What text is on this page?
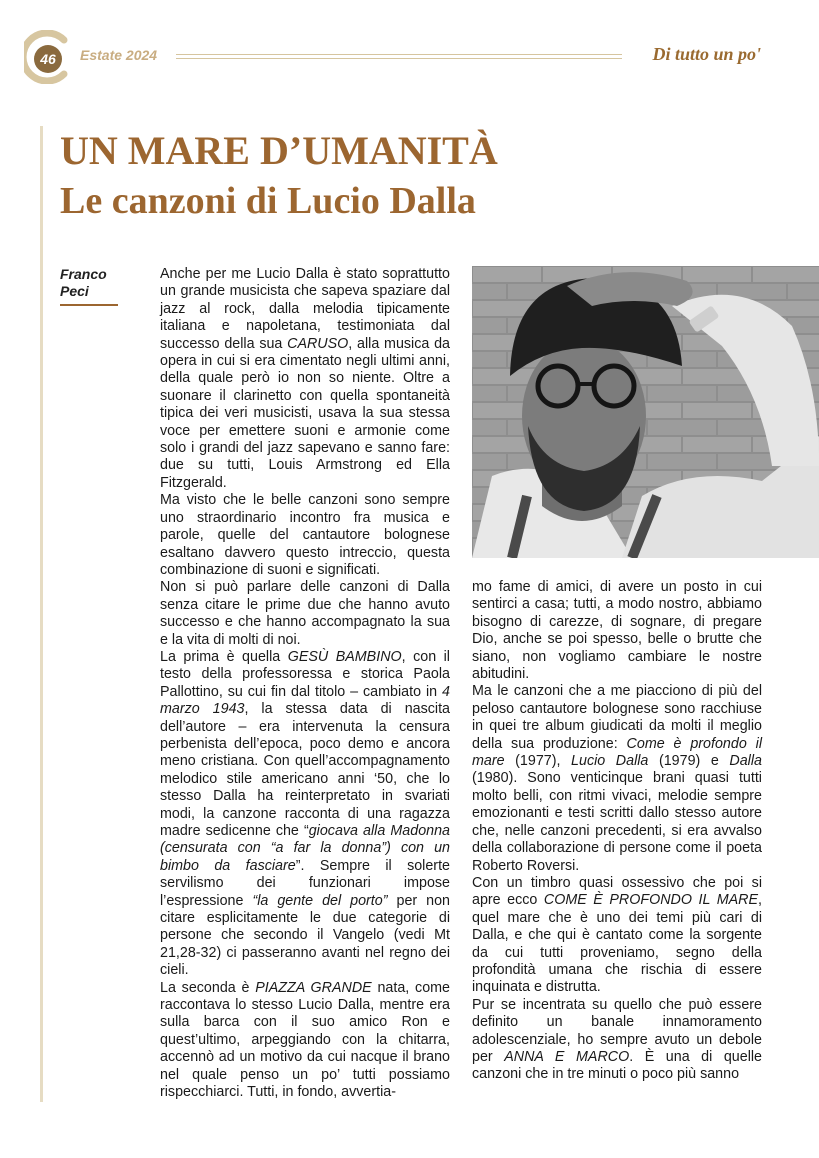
46	Estate 2024	Di tutto un po'
UN MARE D’UMANITÀ
Le canzoni di Lucio Dalla
Franco
Peci

Anche per me Lucio Dalla è stato soprattutto un grande musicista che sapeva spaziare dal jazz al rock, dalla melodia tipicamente italiana e napoletana, testimoniata dal successo della sua CARUSO, alla musica da opera in cui si era cimentato negli ultimi anni, della quale però io non so niente. Oltre a suonare il clarinetto con quella spontaneità tipica dei veri musicisti, usava la sua stessa voce per emettere suoni e armonie come solo i grandi del jazz sapevano e sanno fare: due su tutti, Louis Armstrong ed Ella Fitzgerald.

Ma visto che le belle canzoni sono sempre uno straordinario incontro fra musica e parole, quelle del cantautore bolognese esaltano davvero questo intreccio, questa combinazione di suoni e significati.

Non si può parlare delle canzoni di Dalla senza citare le prime due che hanno avuto successo e che hanno accompagnato la sua e la vita di molti di noi.

La prima è quella GESÙ BAMBINO, con il testo della professoressa e storica Paola Pallottino, su cui fin dal titolo – cambiato in 4 marzo 1943, la stessa data di nascita dell’autore – era intervenuta la censura perbenista dell’epoca, poco demo e ancora meno cristiana. Con quell’accompagnamento melodico stile americano anni ‘50, che lo stesso Dalla ha reinterpretato in svariati modi, la canzone racconta di una ragazza madre sedicenne che “giocava alla Madonna (censurata con “a far la donna”) con un bimbo da fasciare”. Sempre il solerte servilismo dei funzionari impose l’espressione “la gente del porto” per non citare esplicitamente le due categorie di persone che secondo il Vangelo (vedi Mt 21,28-32) ci passeranno avanti nel regno dei cieli.

La seconda è PIAZZA GRANDE nata, come raccontava lo stesso Lucio Dalla, mentre era sulla barca con il suo amico Ron e quest’ultimo, arpeggiando con la chitarra, accennò ad un motivo da cui nacque il brano nel quale penso un po’ tutti possiamo rispecchiarci. Tutti, in fondo, avvertia-

mo fame di amici, di avere un posto in cui sentirci a casa; tutti, a modo nostro, abbiamo bisogno di carezze, di sognare, di pregare Dio, anche se poi spesso, belle o brutte che siano, non vogliamo cambiare le nostre abitudini.

Ma le canzoni che a me piacciono di più del peloso cantautore bolognese sono racchiuse in quei tre album giudicati da molti il meglio della sua produzione: Come è profondo il mare (1977), Lucio Dalla (1979) e Dalla (1980). Sono venticinque brani quasi tutti molto belli, con ritmi vivaci, melodie sempre emozionanti e testi scritti dallo stesso autore che, nelle canzoni precedenti, si era avvalso della collaborazione di persone come il poeta Roberto Roversi.

Con un timbro quasi ossessivo che poi si apre ecco COME È PROFONDO IL MARE, quel mare che è uno dei temi più cari di Dalla, e che qui è cantato come la sorgente da cui tutti proveniamo, segno della profondità umana che rischia di essere inquinata e distrutta.

Pur se incentrata su quello che può essere definito un banale innamoramento adolescenziale, ho sempre avuto un debole per ANNA E MARCO. È una di quelle canzoni che in tre minuti o poco più sanno
